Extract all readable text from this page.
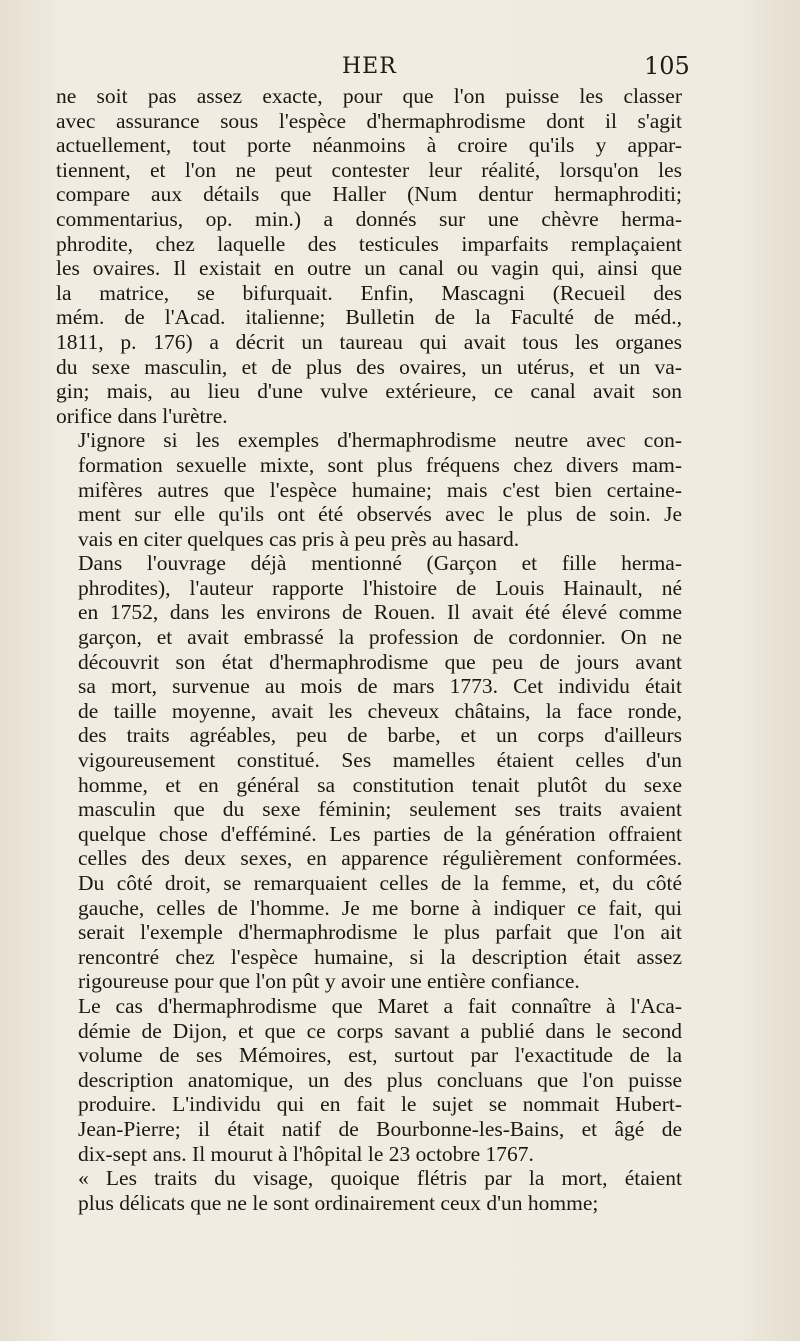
HER	105

ne soit pas assez exacte, pour que l'on puisse les classer
avec assurance sous l'espèce d'hermaphrodisme dont il s'agit
actuellement, tout porte néanmoins à croire qu'ils y appar-
tiennent, et l'on ne peut contester leur réalité, lorsqu'on les
compare aux détails que Haller (Num dentur hermaphroditi;
commentarius, op. min.) a donnés sur une chèvre herma-
phrodite, chez laquelle des testicules imparfaits remplaçaient
les ovaires. Il existait en outre un canal ou vagin qui, ainsi que
la matrice, se bifurquait. Enfin, Mascagni (Recueil des
mém. de l'Acad. italienne; Bulletin de la Faculté de méd.,
1811, p. 176) a décrit un taureau qui avait tous les organes
du sexe masculin, et de plus des ovaires, un utérus, et un va-
gin; mais, au lieu d'une vulve extérieure, ce canal avait son
orifice dans l'urètre.

J'ignore si les exemples d'hermaphrodisme neutre avec con-
formation sexuelle mixte, sont plus fréquens chez divers mam-
mifères autres que l'espèce humaine; mais c'est bien certaine-
ment sur elle qu'ils ont été observés avec le plus de soin. Je
vais en citer quelques cas pris à peu près au hasard.

Dans l'ouvrage déjà mentionné (Garçon et fille herma-
phrodites), l'auteur rapporte l'histoire de Louis Hainault, né
en 1752, dans les environs de Rouen. Il avait été élevé comme
garçon, et avait embrassé la profession de cordonnier. On ne
découvrit son état d'hermaphrodisme que peu de jours avant
sa mort, survenue au mois de mars 1773. Cet individu était
de taille moyenne, avait les cheveux châtains, la face ronde,
des traits agréables, peu de barbe, et un corps d'ailleurs
vigoureusement constitué. Ses mamelles étaient celles d'un
homme, et en général sa constitution tenait plutôt du sexe
masculin que du sexe féminin; seulement ses traits avaient
quelque chose d'efféminé. Les parties de la génération offraient
celles des deux sexes, en apparence régulièrement conformées.
Du côté droit, se remarquaient celles de la femme, et, du côté
gauche, celles de l'homme. Je me borne à indiquer ce fait, qui
serait l'exemple d'hermaphrodisme le plus parfait que l'on ait
rencontré chez l'espèce humaine, si la description était assez
rigoureuse pour que l'on pût y avoir une entière confiance.

Le cas d'hermaphrodisme que Maret a fait connaître à l'Aca-
démie de Dijon, et que ce corps savant a publié dans le second
volume de ses Mémoires, est, surtout par l'exactitude de la
description anatomique, un des plus concluans que l'on puisse
produire. L'individu qui en fait le sujet se nommait Hubert-
Jean-Pierre; il était natif de Bourbonne-les-Bains, et âgé de
dix-sept ans. Il mourut à l'hôpital le 23 octobre 1767.

« Les traits du visage, quoique flétris par la mort, étaient
plus délicats que ne le sont ordinairement ceux d'un homme;
